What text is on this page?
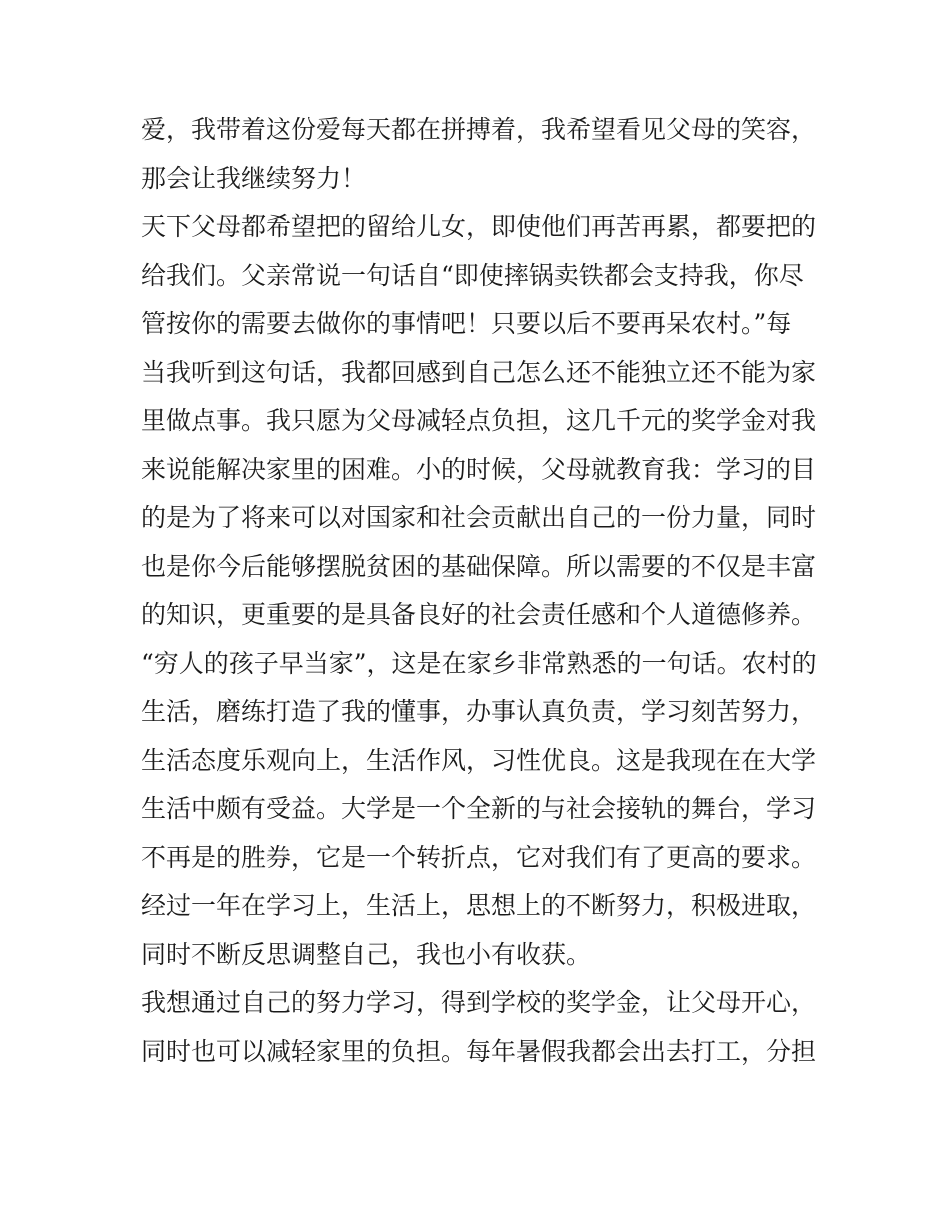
爱，我带着这份爱每天都在拼搏着，我希望看见父母的笑容，
那会让我继续努力！
天下父母都希望把的留给儿女，即使他们再苦再累，都要把的
给我们。父亲常说一句话自“即使摔锅卖铁都会支持我，你尽
管按你的需要去做你的事情吧！只要以后不要再呆农村。”每
当我听到这句话，我都回感到自己怎么还不能独立还不能为家
里做点事。我只愿为父母减轻点负担，这几千元的奖学金对我
来说能解决家里的困难。小的时候，父母就教育我：学习的目
的是为了将来可以对国家和社会贡献出自己的一份力量，同时
也是你今后能够摆脱贫困的基础保障。所以需要的不仅是丰富
的知识，更重要的是具备良好的社会责任感和个人道德修养。
“穷人的孩子早当家”，这是在家乡非常熟悉的一句话。农村的
生活，磨练打造了我的懂事，办事认真负责，学习刻苦努力，
生活态度乐观向上，生活作风，习性优良。这是我现在在大学
生活中颇有受益。大学是一个全新的与社会接轨的舞台，学习
不再是的胜券，它是一个转折点，它对我们有了更高的要求。
经过一年在学习上，生活上，思想上的不断努力，积极进取，
同时不断反思调整自己，我也小有收获。
我想通过自己的努力学习，得到学校的奖学金，让父母开心，
同时也可以减轻家里的负担。每年暑假我都会出去打工，分担
